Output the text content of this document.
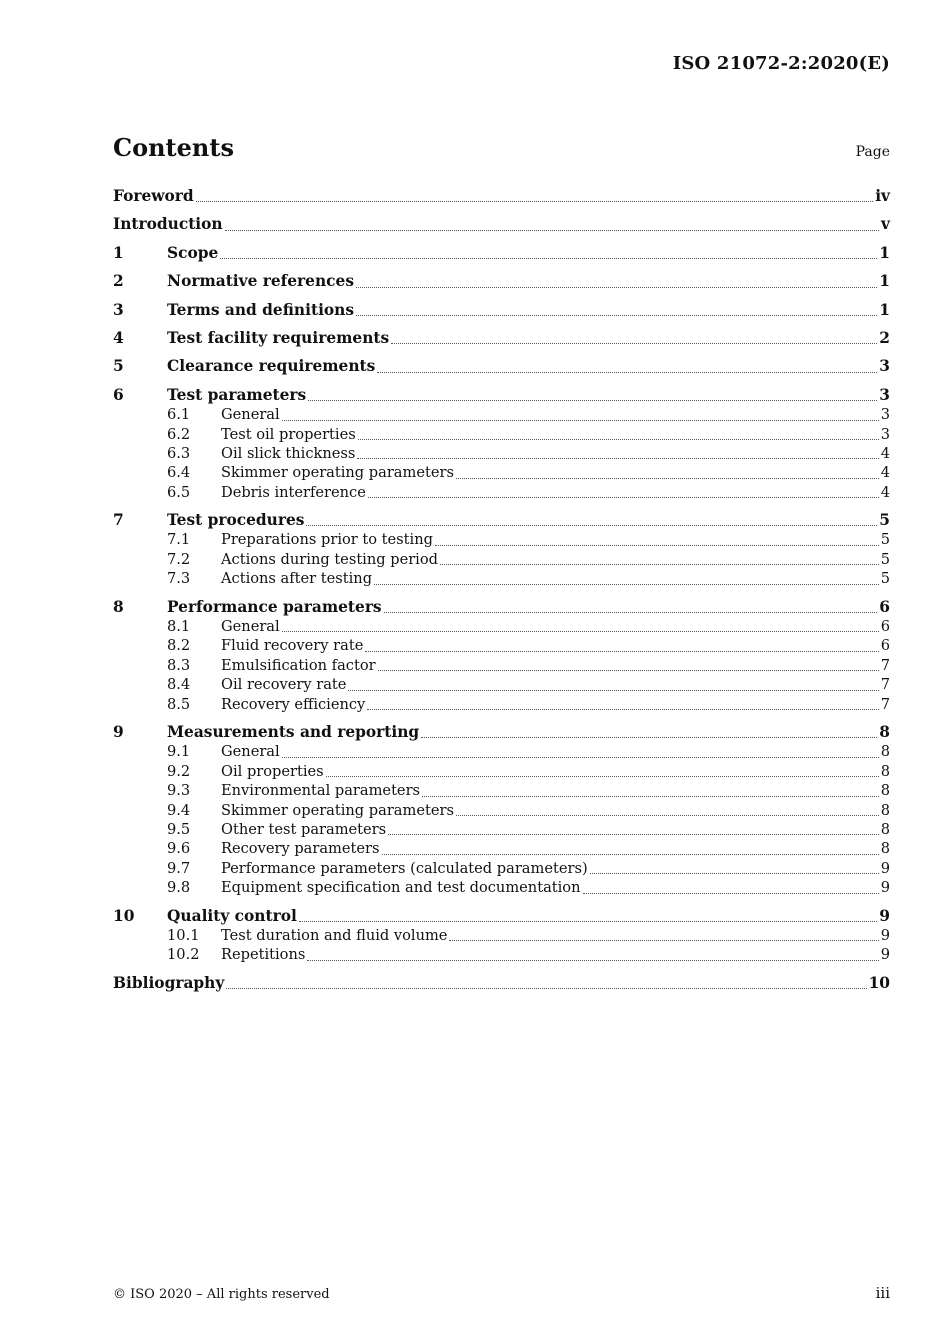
ISO 21072-2:2020(E)
Contents	Page
Foreword	iv
Introduction	v
1	Scope	1
2	Normative references	1
3	Terms and definitions	1
4	Test facility requirements	2
5	Clearance requirements	3
6	Test parameters	3
6.1	General	3
6.2	Test oil properties	3
6.3	Oil slick thickness	4
6.4	Skimmer operating parameters	4
6.5	Debris interference	4
7	Test procedures	5
7.1	Preparations prior to testing	5
7.2	Actions during testing period	5
7.3	Actions after testing	5
8	Performance parameters	6
8.1	General	6
8.2	Fluid recovery rate	6
8.3	Emulsification factor	7
8.4	Oil recovery rate	7
8.5	Recovery efficiency	7
9	Measurements and reporting	8
9.1	General	8
9.2	Oil properties	8
9.3	Environmental parameters	8
9.4	Skimmer operating parameters	8
9.5	Other test parameters	8
9.6	Recovery parameters	8
9.7	Performance parameters (calculated parameters)	9
9.8	Equipment specification and test documentation	9
10	Quality control	9
10.1	Test duration and fluid volume	9
10.2	Repetitions	9
Bibliography	10
© ISO 2020 – All rights reserved	iii
